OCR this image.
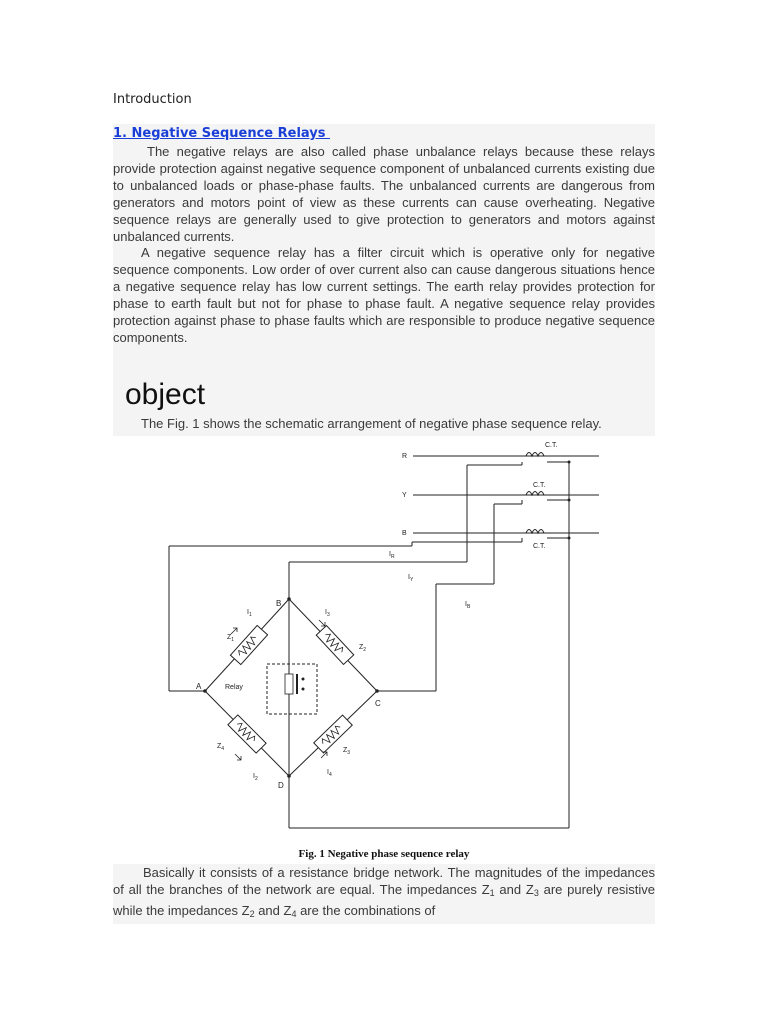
Introduction
1. Negative Sequence Relays

The negative relays are also called phase unbalance relays because these relays provide protection against negative sequence component of unbalanced currents existing due to unbalanced loads or phase-phase faults. The unbalanced currents are dangerous from generators and motors point of view as these currents can cause overheating. Negative sequence relays are generally used to give protection to generators and motors against unbalanced currents.

A negative sequence relay has a filter circuit which is operative only for negative sequence components. Low order of over current also can cause dangerous situations hence a negative sequence relay has low current settings. The earth relay provides protection for phase to earth fault but not for phase to phase fault. A negative sequence relay provides protection against phase to phase faults which are responsible to produce negative sequence components.

object
The Fig. 1 shows the schematic arrangement of negative phase sequence relay.
C.T.
C.T.
C.T.
R
Y
B
$I_R$
$I_Y$
$I_B$
A
B
C
D
Relay
$Z_1$
$Z_2$
$Z_3$
$Z_4$
$I_1$	$I_3$
$I_2$
$I_4$
Fig. 1 Negative phase sequence relay

Basically it consists of a resistance bridge network. The magnitudes of the impedances of all the branches of the network are equal. The impedances $Z_1$ and $Z_3$ are purely resistive while the impedances $Z_2$ and $Z_4$ are the combinations of
